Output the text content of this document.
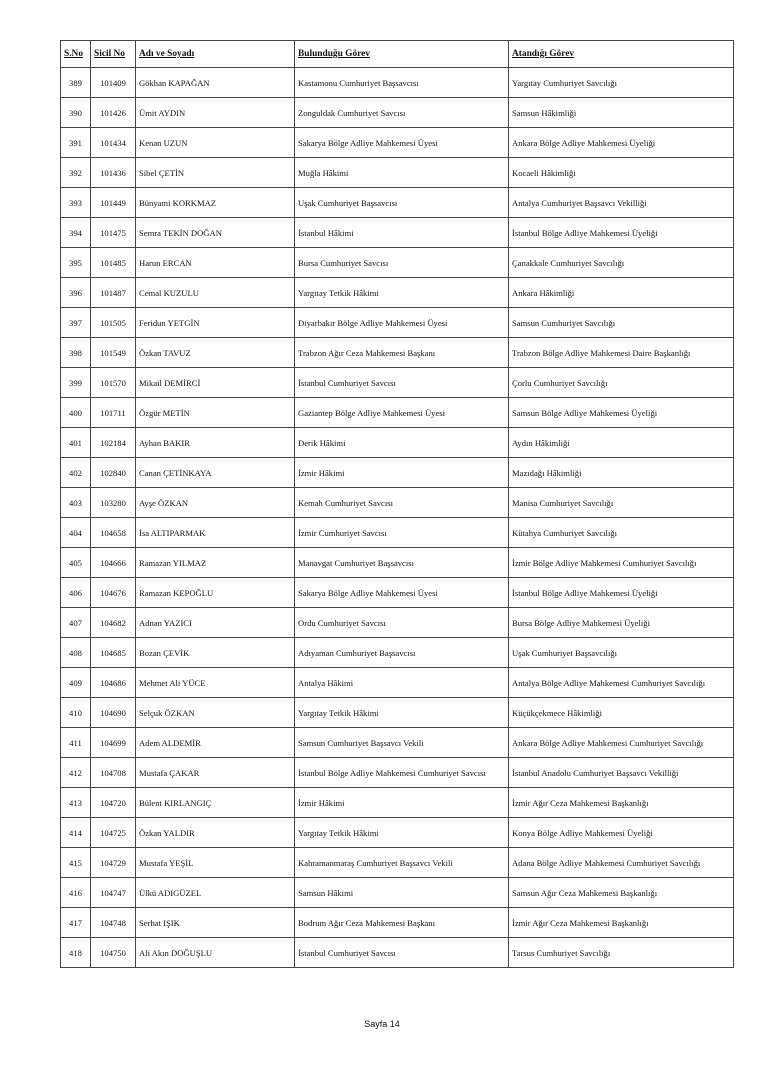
S.No	Sicil No	Adı ve Soyadı	Bulunduğu Görev	Atandığı Görev
389	101409	Gökhan KAPAĞAN	Kastamonu Cumhuriyet Başsavcısı	Yargıtay Cumhuriyet Savcılığı
390	101426	Ümit AYDIN	Zonguldak Cumhuriyet Savcısı	Samsun Hâkimliği
391	101434	Kenan UZUN	Sakarya Bölge Adliye Mahkemesi Üyesi	Ankara Bölge Adliye Mahkemesi Üyeliği
392	101436	Sibel ÇETİN	Muğla Hâkimi	Kocaeli Hâkimliği
393	101449	Bünyami KORKMAZ	Uşak Cumhuriyet Başsavcısı	Antalya Cumhuriyet Başsavcı Vekilliği
394	101475	Semra TEKİN DOĞAN	İstanbul Hâkimi	İstanbul Bölge Adliye Mahkemesi Üyeliği
395	101485	Harun ERCAN	Bursa Cumhuriyet Savcısı	Çanakkale Cumhuriyet Savcılığı
396	101487	Cemal KUZULU	Yargıtay Tetkik Hâkimi	Ankara Hâkimliği
397	101505	Feridun YETGİN	Diyarbakır Bölge Adliye Mahkemesi Üyesi	Samsun Cumhuriyet Savcılığı
398	101549	Özkan TAVUZ	Trabzon Ağır Ceza Mahkemesi Başkanı	Trabzon Bölge Adliye Mahkemesi Daire Başkanlığı
399	101570	Mikail DEMİRCİ	İstanbul Cumhuriyet Savcısı	Çorlu Cumhuriyet Savcılığı
400	101711	Özgür METİN	Gaziantep Bölge Adliye Mahkemesi Üyesi	Samsun Bölge Adliye Mahkemesi Üyeliği
401	102184	Ayhan BAKIR	Derik Hâkimi	Aydın Hâkimliği
402	102840	Canan ÇETİNKAYA	İzmir Hâkimi	Mazıdağı Hâkimliği
403	103280	Ayşe ÖZKAN	Kemah Cumhuriyet Savcısı	Manisa Cumhuriyet Savcılığı
404	104658	İsa ALTIPARMAK	İzmir Cumhuriyet Savcısı	Kütahya Cumhuriyet Savcılığı
405	104666	Ramazan YILMAZ	Manavgat Cumhuriyet Başsavcısı	İzmir Bölge Adliye Mahkemesi Cumhuriyet Savcılığı
406	104676	Ramazan KEPOĞLU	Sakarya Bölge Adliye Mahkemesi Üyesi	İstanbul Bölge Adliye Mahkemesi Üyeliği
407	104682	Adnan YAZICI	Ordu Cumhuriyet Savcısı	Bursa Bölge Adliye Mahkemesi Üyeliği
408	104685	Bozan ÇEVİK	Adıyaman Cumhuriyet Başsavcısı	Uşak Cumhuriyet Başsavcılığı
409	104686	Mehmet Ali YÜCE	Antalya Hâkimi	Antalya Bölge Adliye Mahkemesi Cumhuriyet Savcılığı
410	104690	Selçuk ÖZKAN	Yargıtay Tetkik Hâkimi	Küçükçekmece Hâkimliği
411	104699	Adem ALDEMİR	Samsun Cumhuriyet Başsavcı Vekili	Ankara Bölge Adliye Mahkemesi Cumhuriyet Savcılığı
412	104708	Mustafa ÇAKAR	İstanbul Bölge Adliye Mahkemesi Cumhuriyet Savcısı	İstanbul Anadolu Cumhuriyet Başsavcı Vekilliği
413	104720	Bülent KIRLANGIÇ	İzmir Hâkimi	İzmir Ağır Ceza Mahkemesi Başkanlığı
414	104725	Özkan YALDIR	Yargıtay Tetkik Hâkimi	Konya Bölge Adliye Mahkemesi Üyeliği
415	104729	Mustafa YEŞİL	Kahramanmaraş Cumhuriyet Başsavcı Vekili	Adana Bölge Adliye Mahkemesi Cumhuriyet Savcılığı
416	104747	Ülkü ADIGÜZEL	Samsun Hâkimi	Samsun Ağır Ceza Mahkemesi Başkanlığı
417	104748	Serhat IŞIK	Bodrum Ağır Ceza Mahkemesi Başkanı	İzmir Ağır Ceza Mahkemesi Başkanlığı
418	104750	Ali Akın DOĞUŞLU	İstanbul Cumhuriyet Savcısı	Tarsus Cumhuriyet Savcılığı
Sayfa 14
